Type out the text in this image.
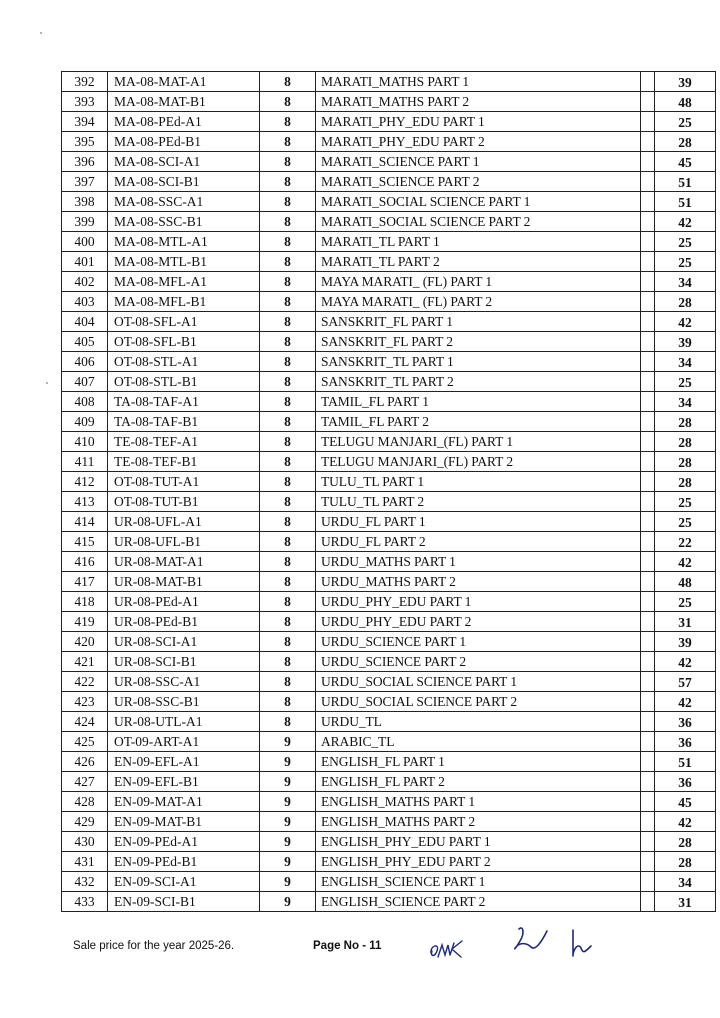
392	MA-08-MAT-A1	8	MARATI_MATHS PART 1		39
393	MA-08-MAT-B1	8	MARATI_MATHS PART 2		48
394	MA-08-PEd-A1	8	MARATI_PHY_EDU PART 1		25
395	MA-08-PEd-B1	8	MARATI_PHY_EDU PART 2		28
396	MA-08-SCI-A1	8	MARATI_SCIENCE PART 1		45
397	MA-08-SCI-B1	8	MARATI_SCIENCE PART 2		51
398	MA-08-SSC-A1	8	MARATI_SOCIAL SCIENCE PART 1		51
399	MA-08-SSC-B1	8	MARATI_SOCIAL SCIENCE PART 2		42
400	MA-08-MTL-A1	8	MARATI_TL PART 1		25
401	MA-08-MTL-B1	8	MARATI_TL PART 2		25
402	MA-08-MFL-A1	8	MAYA MARATI_ (FL) PART 1		34
403	MA-08-MFL-B1	8	MAYA MARATI_ (FL) PART 2		28
404	OT-08-SFL-A1	8	SANSKRIT_FL PART 1		42
405	OT-08-SFL-B1	8	SANSKRIT_FL PART 2		39
406	OT-08-STL-A1	8	SANSKRIT_TL PART 1		34
407	OT-08-STL-B1	8	SANSKRIT_TL PART 2		25
408	TA-08-TAF-A1	8	TAMIL_FL PART 1		34
409	TA-08-TAF-B1	8	TAMIL_FL PART 2		28
410	TE-08-TEF-A1	8	TELUGU MANJARI_(FL) PART 1		28
411	TE-08-TEF-B1	8	TELUGU MANJARI_(FL) PART 2		28
412	OT-08-TUT-A1	8	TULU_TL PART 1		28
413	OT-08-TUT-B1	8	TULU_TL PART 2		25
414	UR-08-UFL-A1	8	URDU_FL PART 1		25
415	UR-08-UFL-B1	8	URDU_FL PART 2		22
416	UR-08-MAT-A1	8	URDU_MATHS PART 1		42
417	UR-08-MAT-B1	8	URDU_MATHS PART 2		48
418	UR-08-PEd-A1	8	URDU_PHY_EDU PART 1		25
419	UR-08-PEd-B1	8	URDU_PHY_EDU PART 2		31
420	UR-08-SCI-A1	8	URDU_SCIENCE PART 1		39
421	UR-08-SCI-B1	8	URDU_SCIENCE PART 2		42
422	UR-08-SSC-A1	8	URDU_SOCIAL SCIENCE PART 1		57
423	UR-08-SSC-B1	8	URDU_SOCIAL SCIENCE PART 2		42
424	UR-08-UTL-A1	8	URDU_TL		36
425	OT-09-ART-A1	9	ARABIC_TL		36
426	EN-09-EFL-A1	9	ENGLISH_FL PART 1		51
427	EN-09-EFL-B1	9	ENGLISH_FL PART 2		36
428	EN-09-MAT-A1	9	ENGLISH_MATHS PART 1		45
429	EN-09-MAT-B1	9	ENGLISH_MATHS PART 2		42
430	EN-09-PEd-A1	9	ENGLISH_PHY_EDU PART 1		28
431	EN-09-PEd-B1	9	ENGLISH_PHY_EDU PART 2		28
432	EN-09-SCI-A1	9	ENGLISH_SCIENCE PART 1		34
433	EN-09-SCI-B1	9	ENGLISH_SCIENCE PART 2		31
Sale price for the year 2025-26.	Page No - 11
